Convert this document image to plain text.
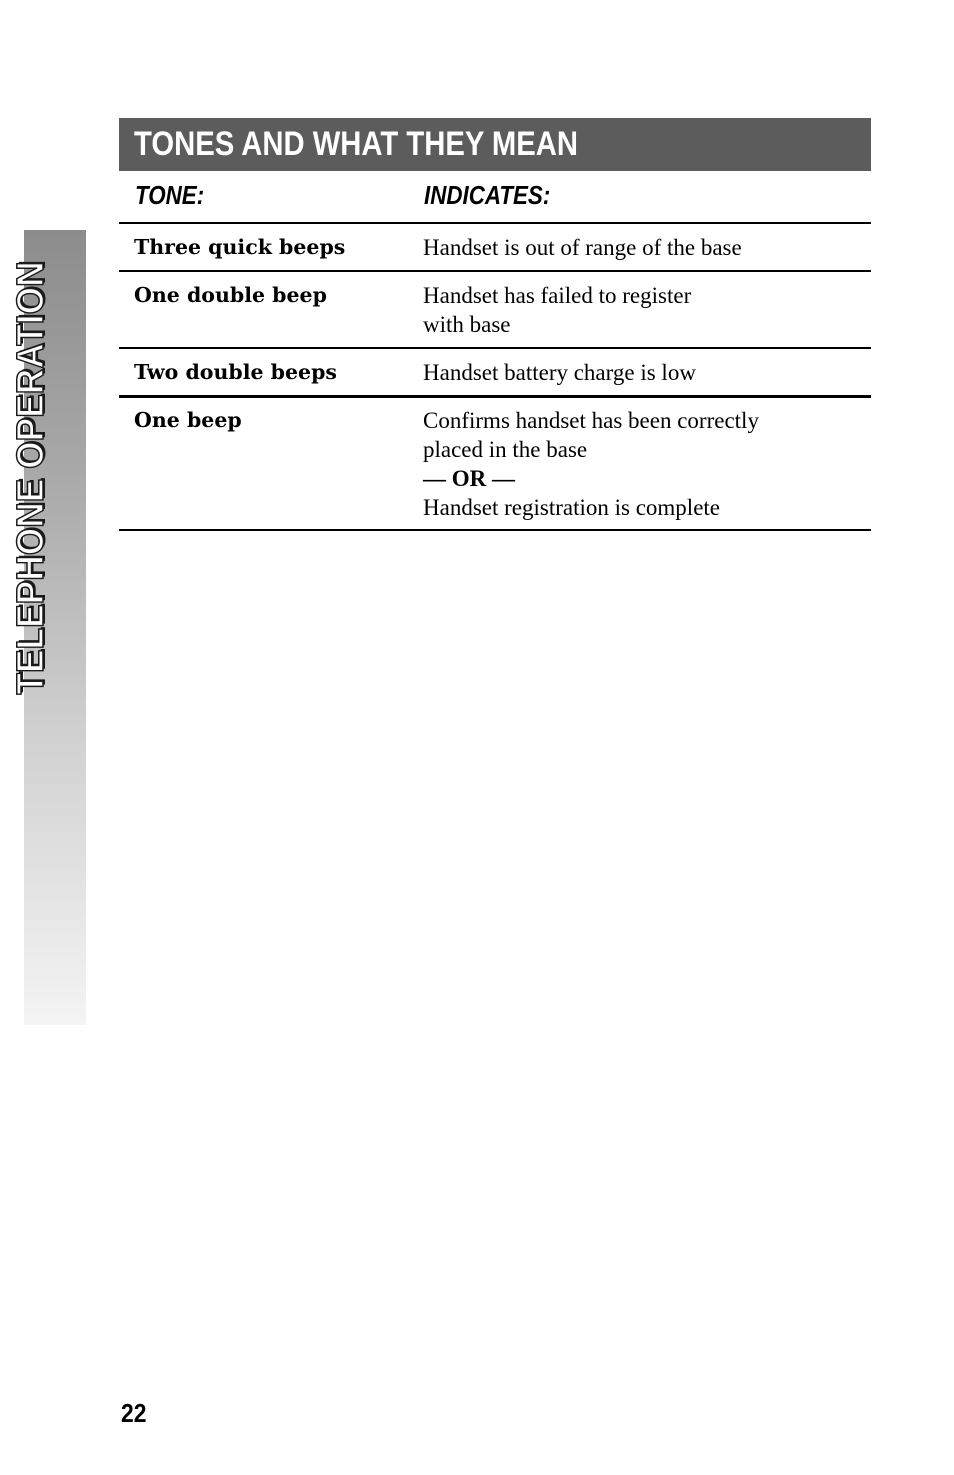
TELEPHONE OPERATION
TONES AND WHAT THEY MEAN
TONE:	INDICATES:
Three quick beeps	Handset is out of range of the base
One double beep	Handset has failed to register
with base
Two double beeps	Handset battery charge is low
One beep	Confirms handset has been correctly
placed in the base
— OR —
Handset registration is complete
22
